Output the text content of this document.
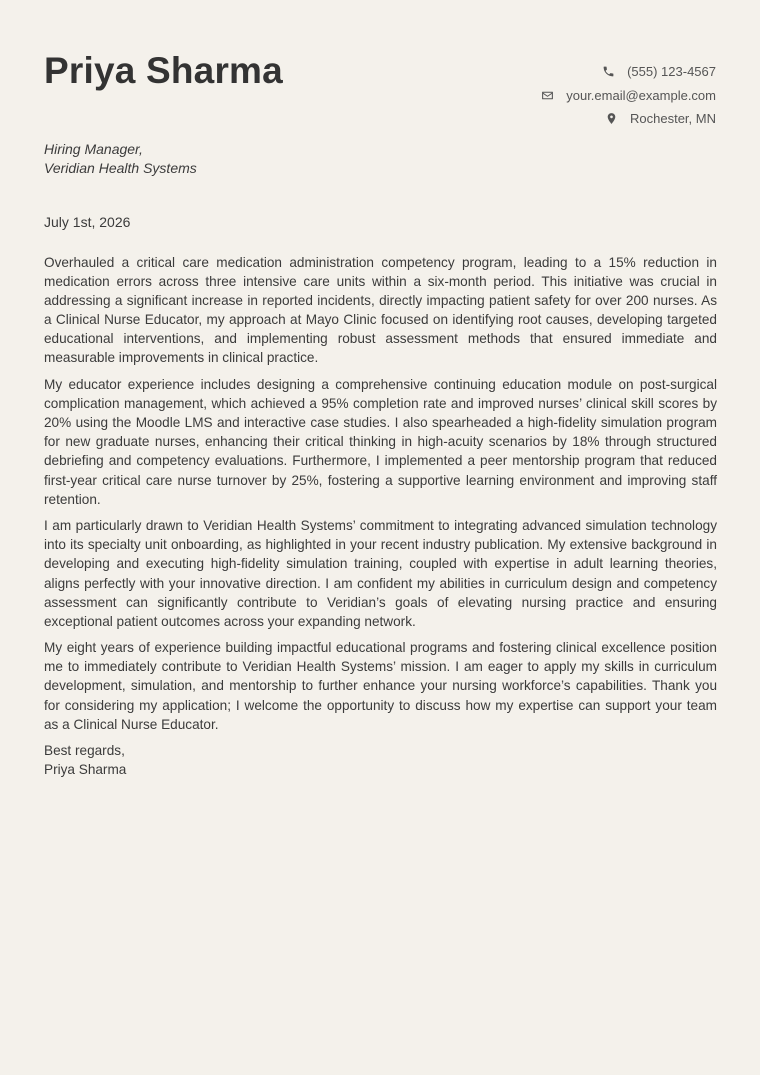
Priya Sharma	(555) 123-4567
your.email@example.com
Rochester, MN
Hiring Manager,
Veridian Health Systems
July 1st, 2026

Overhauled a critical care medication administration competency program, leading to a 15% reduction in medication errors across three intensive care units within a six-month period. This initiative was crucial in addressing a significant increase in reported incidents, directly impacting patient safety for over 200 nurses. As a Clinical Nurse Educator, my approach at Mayo Clinic focused on identifying root causes, developing targeted educational interventions, and implementing robust assessment methods that ensured immediate and measurable improvements in clinical practice.

My educator experience includes designing a comprehensive continuing education module on post-surgical complication management, which achieved a 95% completion rate and improved nurses’ clinical skill scores by 20% using the Moodle LMS and interactive case studies. I also spearheaded a high-fidelity simulation program for new graduate nurses, enhancing their critical thinking in high-acuity scenarios by 18% through structured debriefing and competency evaluations. Furthermore, I implemented a peer mentorship program that reduced first-year critical care nurse turnover by 25%, fostering a supportive learning environment and improving staff retention.

I am particularly drawn to Veridian Health Systems’ commitment to integrating advanced simulation technology into its specialty unit onboarding, as highlighted in your recent industry publication. My extensive background in developing and executing high-fidelity simulation training, coupled with expertise in adult learning theories, aligns perfectly with your innovative direction. I am confident my abilities in curriculum design and competency assessment can significantly contribute to Veridian’s goals of elevating nursing practice and ensuring exceptional patient outcomes across your expanding network.

My eight years of experience building impactful educational programs and fostering clinical excellence position me to immediately contribute to Veridian Health Systems’ mission. I am eager to apply my skills in curriculum development, simulation, and mentorship to further enhance your nursing workforce’s capabilities. Thank you for considering my application; I welcome the opportunity to discuss how my expertise can support your team as a Clinical Nurse Educator.

Best regards,
Priya Sharma
